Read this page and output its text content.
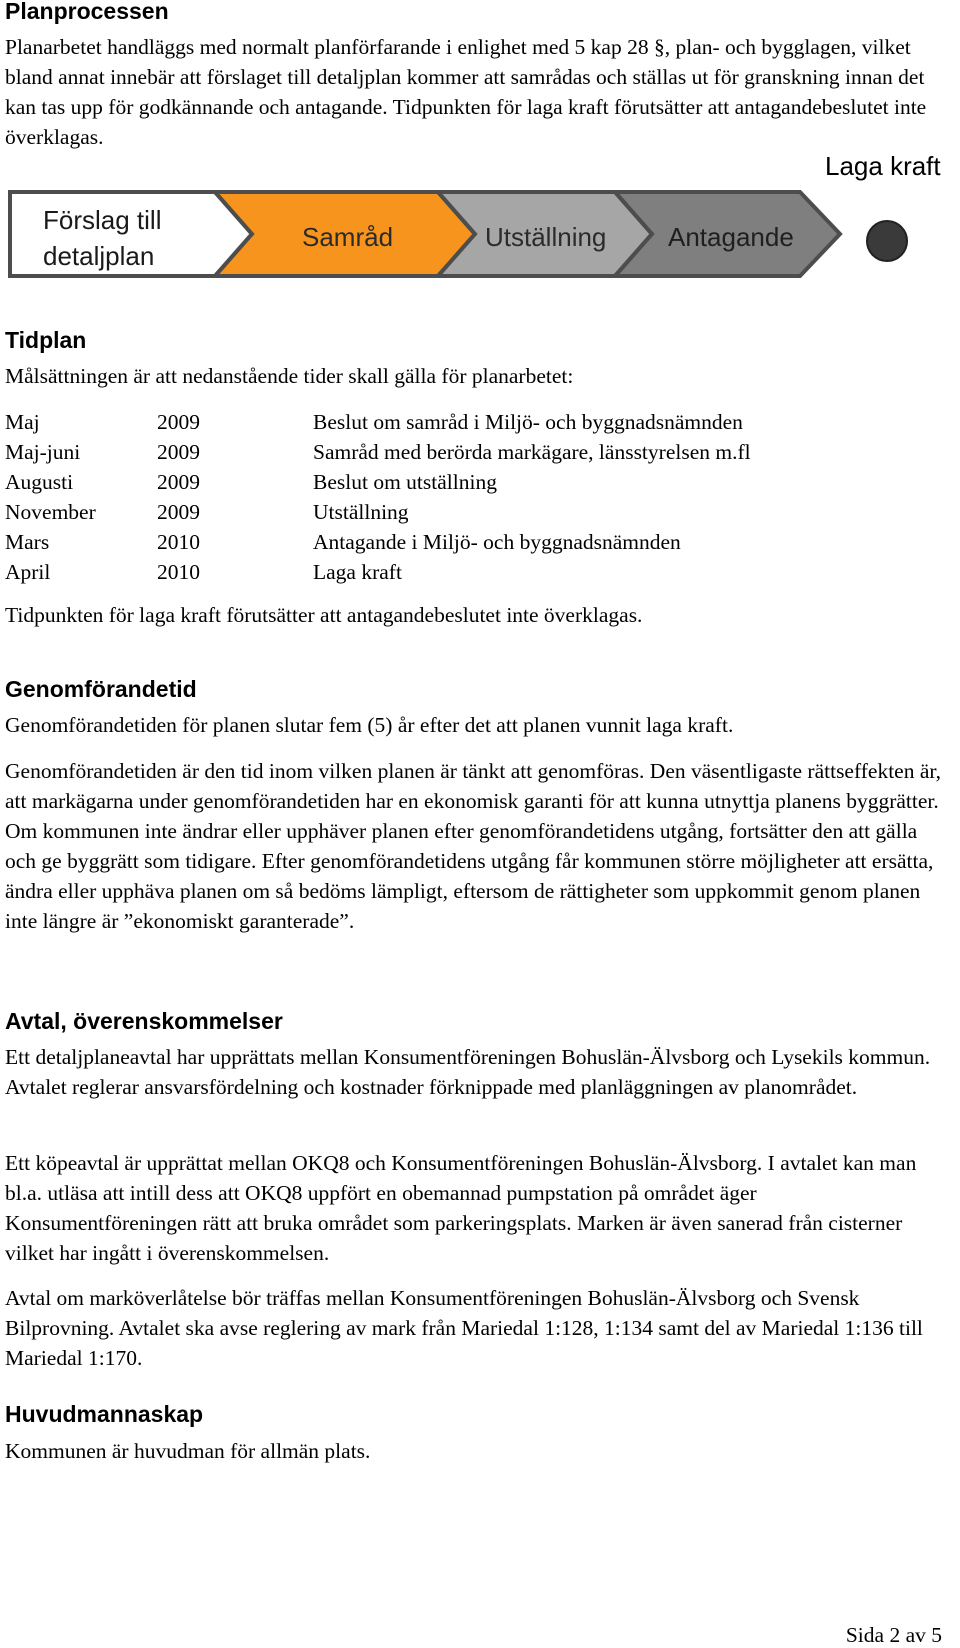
Planprocessen

Planarbetet handläggs med normalt planförfarande i enlighet med 5 kap 28 §, plan- och bygglagen, vilket bland annat innebär att förslaget till detaljplan kommer att samrådas och ställas ut för granskning innan det kan tas upp för godkännande och antagande. Tidpunkten för laga kraft förutsätter att antagandebeslutet inte överklagas.

Förslag till
detaljplan
Samråd	Utställning Antagande
Laga kraft
Tidplan

Målsättningen är att nedanstående tider skall gälla för planarbetet:

Maj	2009	Beslut om samråd i Miljö- och byggnadsnämnden
Maj-juni	2009	Samråd med berörda markägare, länsstyrelsen m.fl
Augusti	2009	Beslut om utställning
November	2009	Utställning
Mars	2010	Antagande i Miljö- och byggnadsnämnden
April	2010	Laga kraft

Tidpunkten för laga kraft förutsätter att antagandebeslutet inte överklagas.

Genomförandetid

Genomförandetiden för planen slutar fem (5) år efter det att planen vunnit laga kraft.

Genomförandetiden är den tid inom vilken planen är tänkt att genomföras. Den väsentligaste rättseffekten är, att markägarna under genomförandetiden har en ekonomisk garanti för att kunna utnyttja planens byggrätter. Om kommunen inte ändrar eller upphäver planen efter genomförandetidens utgång, fortsätter den att gälla och ge byggrätt som tidigare. Efter genomförandetidens utgång får kommunen större möjligheter att ersätta, ändra eller upphäva planen om så bedöms lämpligt, eftersom de rättigheter som uppkommit genom planen inte längre är ”ekonomiskt garanterade”.

Avtal, överenskommelser

Ett detaljplaneavtal har upprättats mellan Konsumentföreningen Bohuslän-Älvsborg och Lysekils kommun. Avtalet reglerar ansvarsfördelning och kostnader förknippade med planläggningen av planområdet.

Ett köpeavtal är upprättat mellan OKQ8 och Konsumentföreningen Bohuslän-Älvsborg. I avtalet kan man bl.a. utläsa att intill dess att OKQ8 uppfört en obemannad pumpstation på området äger Konsumentföreningen rätt att bruka området som parkeringsplats. Marken är även sanerad från cisterner vilket har ingått i överenskommelsen.

Avtal om marköverlåtelse bör träffas mellan Konsumentföreningen Bohuslän-Älvsborg och Svensk Bilprovning. Avtalet ska avse reglering av mark från Mariedal 1:128, 1:134 samt del av Mariedal 1:136 till Mariedal 1:170.

Huvudmannaskap

Kommunen är huvudman för allmän plats.

Sida 2 av 5
